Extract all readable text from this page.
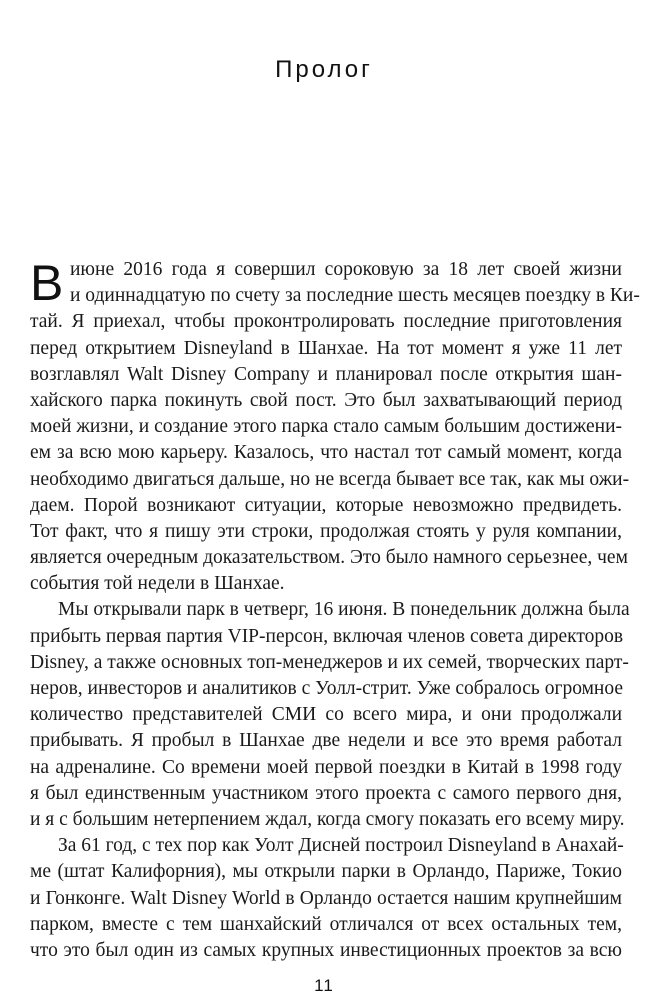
Пролог
В июне 2016 года я совершил сороковую за 18 лет своей жизни
и одиннадцатую по счету за последние шесть месяцев поездку в Ки-
тай. Я приехал, чтобы проконтролировать последние приготовления
перед открытием Disneyland в Шанхае. На тот момент я уже 11 лет
возглавлял Walt Disney Company и планировал после открытия шан-
хайского парка покинуть свой пост. Это был захватывающий период
моей жизни, и создание этого парка стало самым большим достижени-
ем за всю мою карьеру. Казалось, что настал тот самый момент, когда
необходимо двигаться дальше, но не всегда бывает все так, как мы ожи-
даем. Порой возникают ситуации, которые невозможно предвидеть.
Тот факт, что я пишу эти строки, продолжая стоять у руля компании,
является очередным доказательством. Это было намного серьезнее, чем
события той недели в Шанхае.
Мы открывали парк в четверг, 16 июня. В понедельник должна была
прибыть первая партия VIP-персон, включая членов совета директоров
Disney, а также основных топ-менеджеров и их семей, творческих парт-
неров, инвесторов и аналитиков с Уолл-стрит. Уже собралось огромное
количество представителей СМИ со всего мира, и они продолжали
прибывать. Я пробыл в Шанхае две недели и все это время работал
на адреналине. Со времени моей первой поездки в Китай в 1998 году
я был единственным участником этого проекта с самого первого дня,
и я с большим нетерпением ждал, когда смогу показать его всему миру.
За 61 год, с тех пор как Уолт Дисней построил Disneyland в Анахай-
ме (штат Калифорния), мы открыли парки в Орландо, Париже, Токио
и Гонконге. Walt Disney World в Орландо остается нашим крупнейшим
парком, вместе с тем шанхайский отличался от всех остальных тем,
что это был один из самых крупных инвестиционных проектов за всю
11
